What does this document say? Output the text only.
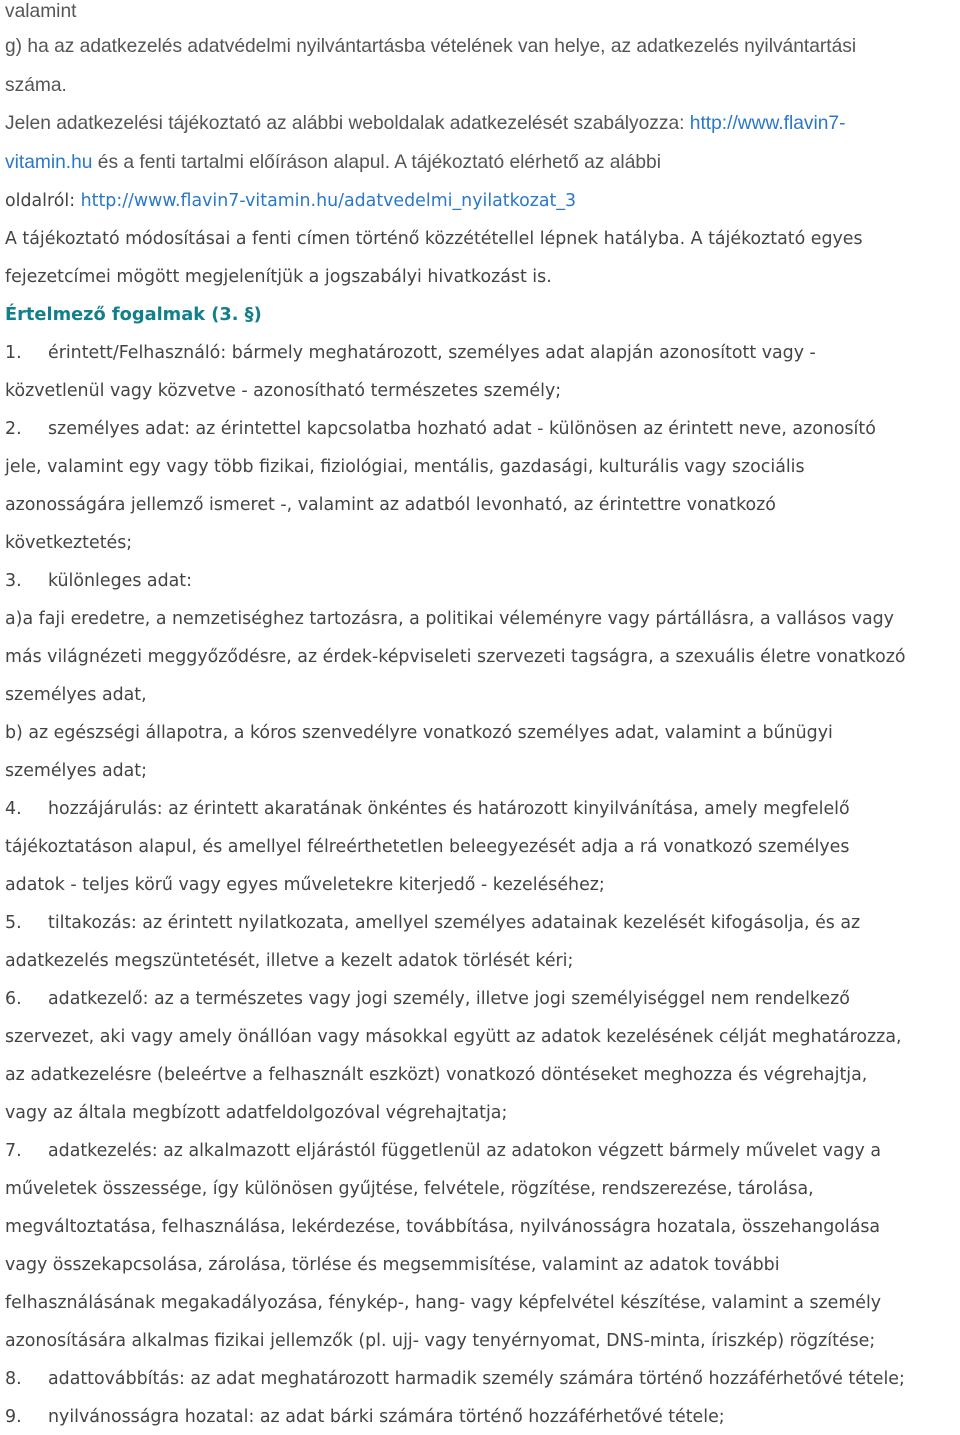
valamint
g) ha az adatkezelés adatvédelmi nyilvántartásba vételének van helye, az adatkezelés nyilvántartási
száma.
Jelen adatkezelési tájékoztató az alábbi weboldalak adatkezelését szabályozza: http://www.flavin7-
vitamin.hu és a fenti tartalmi előíráson alapul. A tájékoztató elérhető az alábbi
oldalról: http://www.flavin7-vitamin.hu/adatvedelmi_nyilatkozat_3
A tájékoztató módosításai a fenti címen történő közzététellel lépnek hatályba. A tájékoztató egyes
fejezetcímei mögött megjelenítjük a jogszabályi hivatkozást is.
Értelmező fogalmak (3. §)
1. érintett/Felhasználó: bármely meghatározott, személyes adat alapján azonosított vagy -
közvetlenül vagy közvetve - azonosítható természetes személy;
2. személyes adat: az érintettel kapcsolatba hozható adat - különösen az érintett neve, azonosító
jele, valamint egy vagy több fizikai, fiziológiai, mentális, gazdasági, kulturális vagy szociális
azonosságára jellemző ismeret -, valamint az adatból levonható, az érintettre vonatkozó
következtetés;
3. különleges adat:
a)a faji eredetre, a nemzetiséghez tartozásra, a politikai véleményre vagy pártállásra, a vallásos vagy
más világnézeti meggyőződésre, az érdek-képviseleti szervezeti tagságra, a szexuális életre vonatkozó
személyes adat,
b) az egészségi állapotra, a kóros szenvedélyre vonatkozó személyes adat, valamint a bűnügyi
személyes adat;
4. hozzájárulás: az érintett akaratának önkéntes és határozott kinyilvánítása, amely megfelelő
tájékoztatáson alapul, és amellyel félreérthetetlen beleegyezését adja a rá vonatkozó személyes
adatok - teljes körű vagy egyes műveletekre kiterjedő - kezeléséhez;
5. tiltakozás: az érintett nyilatkozata, amellyel személyes adatainak kezelését kifogásolja, és az
adatkezelés megszüntetését, illetve a kezelt adatok törlését kéri;
6. adatkezelő: az a természetes vagy jogi személy, illetve jogi személyiséggel nem rendelkező
szervezet, aki vagy amely önállóan vagy másokkal együtt az adatok kezelésének célját meghatározza,
az adatkezelésre (beleértve a felhasznált eszközt) vonatkozó döntéseket meghozza és végrehajtja,
vagy az általa megbízott adatfeldolgozóval végrehajtatja;
7. adatkezelés: az alkalmazott eljárástól függetlenül az adatokon végzett bármely művelet vagy a
műveletek összessége, így különösen gyűjtése, felvétele, rögzítése, rendszerezése, tárolása,
megváltoztatása, felhasználása, lekérdezése, továbbítása, nyilvánosságra hozatala, összehangolása
vagy összekapcsolása, zárolása, törlése és megsemmisítése, valamint az adatok további
felhasználásának megakadályozása, fénykép-, hang- vagy képfelvétel készítése, valamint a személy
azonosítására alkalmas fizikai jellemzők (pl. ujj- vagy tenyérnyomat, DNS-minta, íriszkép) rögzítése;
8. adattovábbítás: az adat meghatározott harmadik személy számára történő hozzáférhetővé tétele;
9. nyilvánosságra hozatal: az adat bárki számára történő hozzáférhetővé tétele;
